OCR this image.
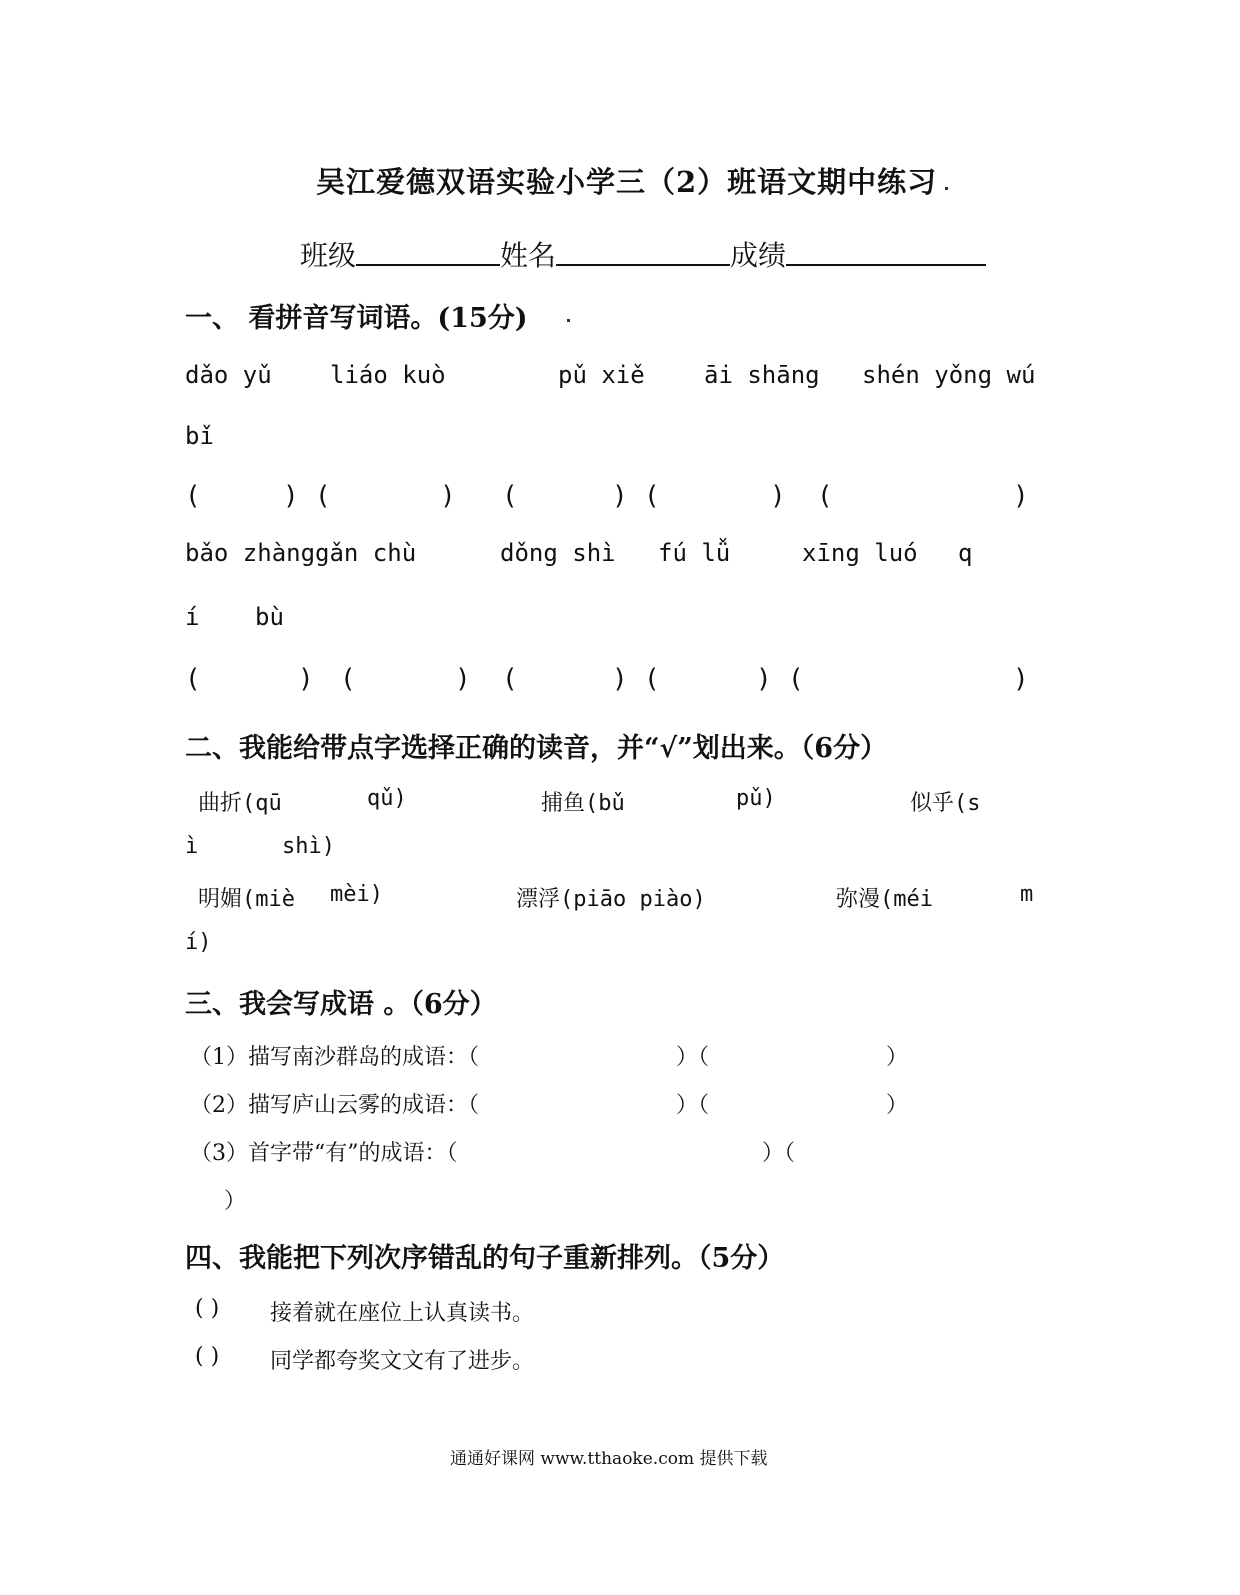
吴江爱德双语实验小学三（2）班语文期中练习
班级	姓名	成绩
一、 看拼音写词语。(15分)
dǎo yǔ liáo kuò	pǔ xiě āi shāng shén yǒng wú
bǐ
(	) (	) (	) (	) (	)
bǎo zhàng gǎn chù	dǒng shì fú lǚ	xīng luó q
í bù
(	) (	) (	) (	) (	)
二、我能给带点字选择正确的读音，并“√”划出来。（6分）
曲折(qū	qǔ)	捕鱼(bǔ	pǔ)	似乎(s
ì	shì)
明媚(miè mèi)	漂浮(piāo piào)	弥漫(méi	m
í)
三、我会写成语 。（6分）
（1）描写南沙群岛的成语：（	）（	）
（2）描写庐山云雾的成语：（	）（	）
（3）首字带“有”的成语：（	）（
）
四、我能把下列次序错乱的句子重新排列。（5分）
( ) 接着就在座位上认真读书。
( ) 同学都夸奖文文有了进步。
通通好课网 www.tthaoke.com 提供下载
